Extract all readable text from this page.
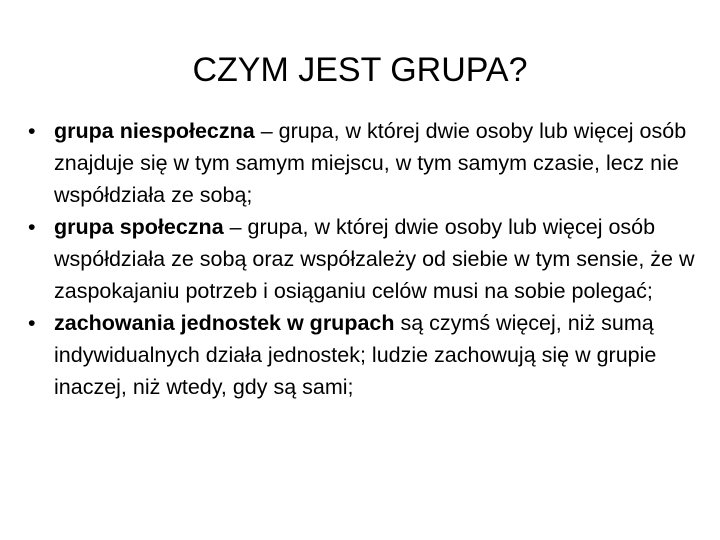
CZYM JEST GRUPA?
• grupa niespołeczna – grupa, w której dwie osoby lub więcej osób znajduje się w tym samym miejscu, w tym samym czasie, lecz nie współdziała ze sobą;
• grupa społeczna – grupa, w której dwie osoby lub więcej osób współdziała ze sobą oraz współzależy od siebie w tym sensie, że w zaspokajaniu potrzeb i osiąganiu celów musi na sobie polegać;
• zachowania jednostek w grupach są czymś więcej, niż sumą indywidualnych działa jednostek; ludzie zachowują się w grupie inaczej, niż wtedy, gdy są sami;
